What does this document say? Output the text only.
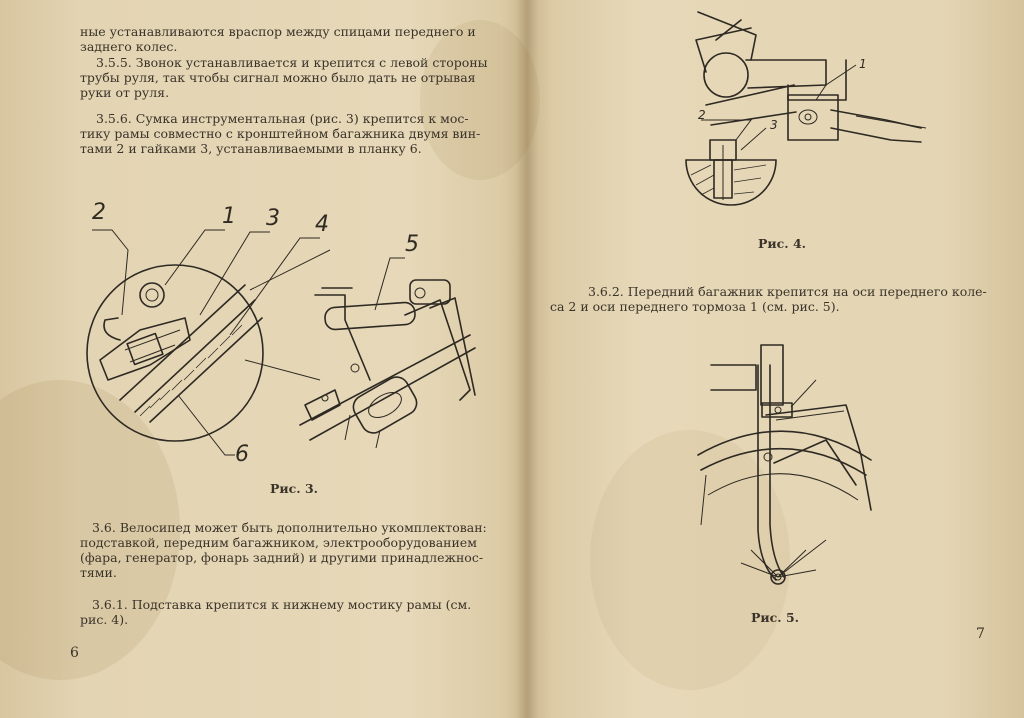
ные устанавливаются враспор между спицами переднего и
заднего колес.
3.5.5. Звонок устанавливается и крепится с левой стороны
трубы руля, так чтобы сигнал можно было дать не отрывая
руки от руля.
3.5.6. Сумка инструментальная (рис. 3) крепится к мос-
тику рамы совместно с кронштейном багажника двумя вин-
тами 2 и гайками 3, устанавливаемыми в планку 6.
2	1 3 4
5
6
Рис. 3.
3.6. Велосипед может быть дополнительно укомплектован:
подставкой, передним багажником, электрооборудованием
(фара, генератор, фонарь задний) и другими принадлежнос-
тями.
3.6.1. Подставка крепится к нижнему мостику рамы (см.
рис. 4).
6
1
2
3
Рис. 4.
3.6.2. Передний багажник крепится на оси переднего коле-
са 2 и оси переднего тормоза 1 (см. рис. 5).
Рис. 5.
7
